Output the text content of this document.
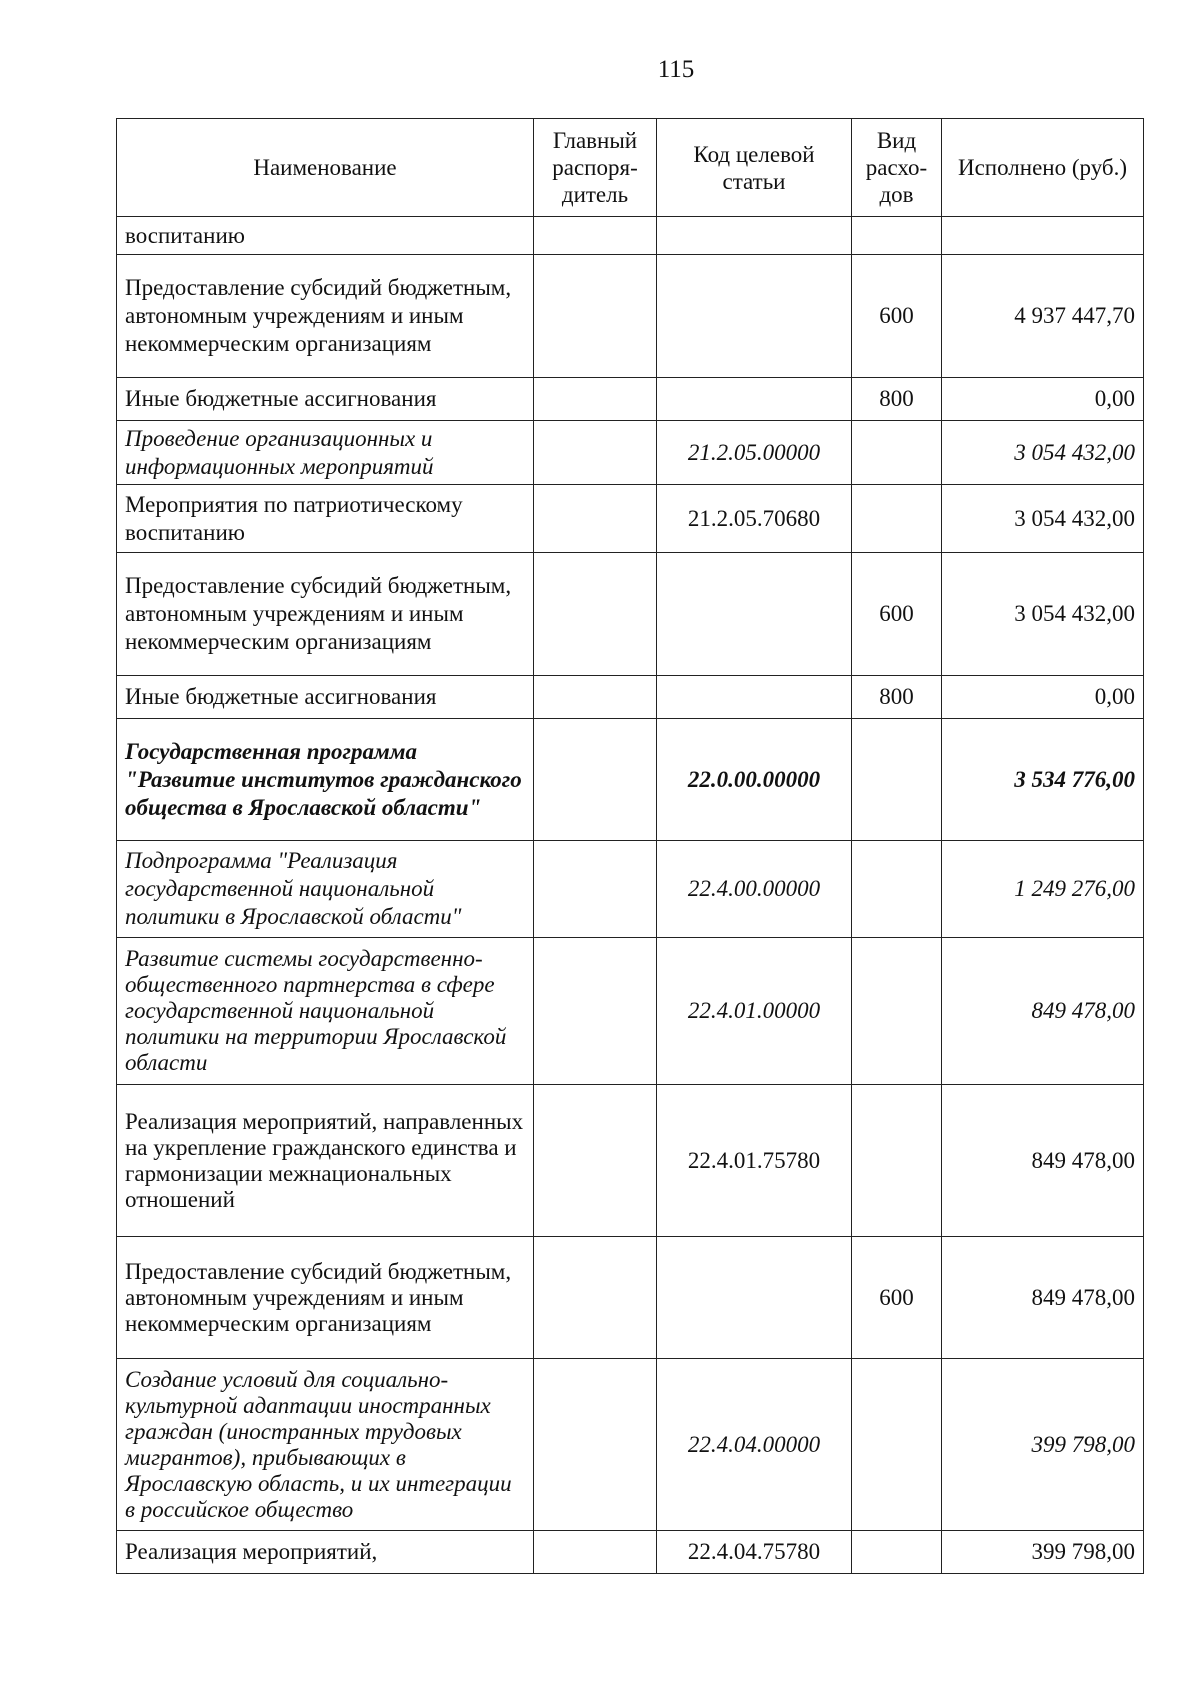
115
Наименование	Главный распоря-дитель	Код целевой статьи	Вид расхо-дов	Исполнено (руб.)
воспитанию				
Предоставление субсидий бюджетным, автономным учреждениям и иным некоммерческим организациям			600	4 937 447,70
Иные бюджетные ассигнования			800	0,00
Проведение организационных и информационных мероприятий		21.2.05.00000		3 054 432,00
Мероприятия по патриотическому воспитанию		21.2.05.70680		3 054 432,00
Предоставление субсидий бюджетным, автономным учреждениям и иным некоммерческим организациям			600	3 054 432,00
Иные бюджетные ассигнования			800	0,00
Государственная программа "Развитие институтов гражданского общества в Ярославской области"		22.0.00.00000		3 534 776,00
Подпрограмма "Реализация государственной национальной политики в Ярославской области"		22.4.00.00000		1 249 276,00
Развитие системы государственно-общественного партнерства в сфере государственной национальной политики на территории Ярославской области		22.4.01.00000		849 478,00
Реализация мероприятий, направленных на укрепление гражданского единства и гармонизации межнациональных отношений		22.4.01.75780		849 478,00
Предоставление субсидий бюджетным, автономным учреждениям и иным некоммерческим организациям			600	849 478,00
Создание условий для социально-культурной адаптации иностранных граждан (иностранных трудовых мигрантов), прибывающих в Ярославскую область, и их интеграции в российское общество		22.4.04.00000		399 798,00
Реализация мероприятий,		22.4.04.75780		399 798,00
